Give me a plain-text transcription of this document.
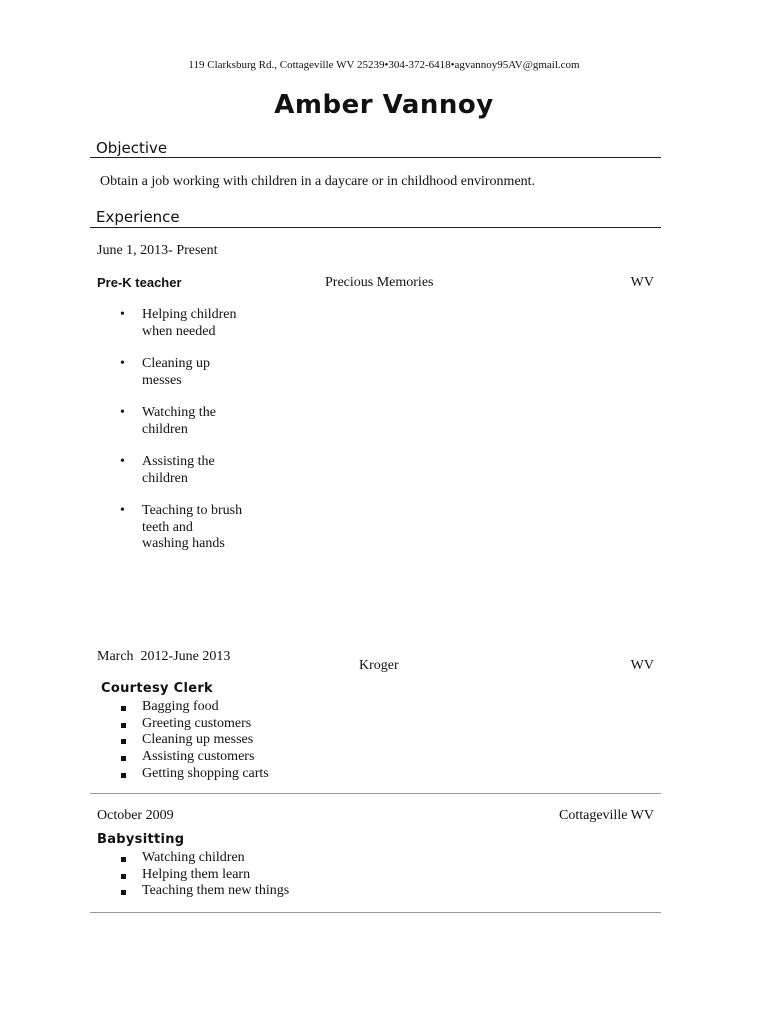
119 Clarksburg Rd., Cottageville WV 25239•304-372-6418•agvannoy95AV@gmail.com
Amber Vannoy
Objective
Obtain a job working with children in a daycare or in childhood environment.
Experience
June 1, 2013- Present
Pre-K teacher	Precious Memories	WV
• Helping children when needed
• Cleaning up messes
• Watching the children
• Assisting the children
• Teaching to brush teeth and washing hands
March  2012-June 2013
Kroger	WV
Courtesy Clerk
Bagging food
Greeting customers
Cleaning up messes
Assisting customers
Getting shopping carts
October 2009	Cottageville WV
Babysitting
Watching children
Helping them learn
Teaching them new things
